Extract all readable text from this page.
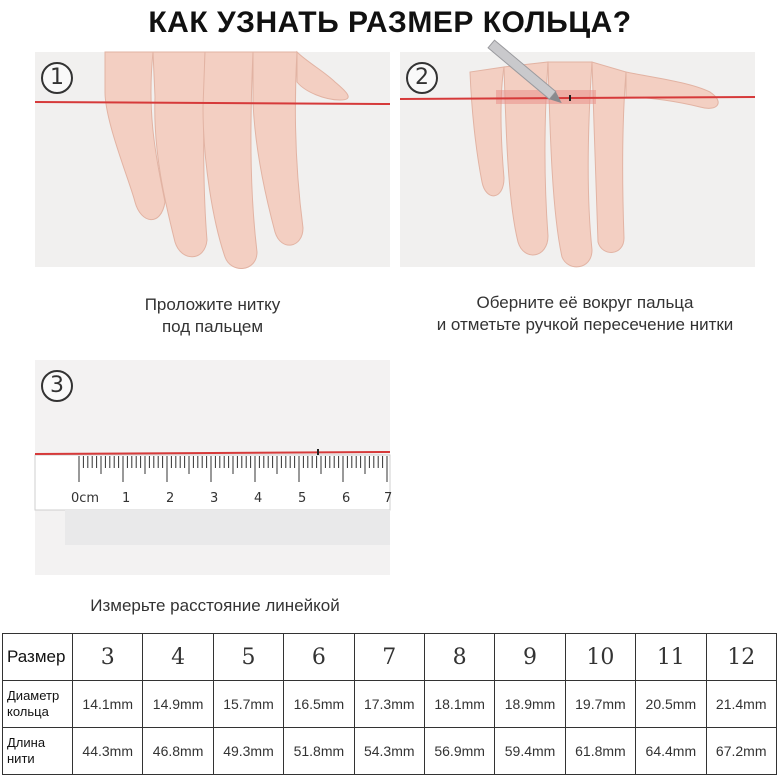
КАК УЗНАТЬ РАЗМЕР КОЛЬЦА?
1
Проложите нитку
под пальцем
2
Оберните её вокруг пальца
и отметьте ручкой пересечение нитки
3
0cm 1	2	3	4	5	6	7
Измерьте расстояние линейкой
Размер	3	4	5	6	7	8	9	10	11	12

Диаметр
кольца	14.1mm	14.9mm	15.7mm	16.5mm	17.3mm	18.1mm	18.9mm	19.7mm	20.5mm	21.4mm

Длина
нити	44.3mm	46.8mm	49.3mm	51.8mm	54.3mm	56.9mm	59.4mm	61.8mm	64.4mm	67.2mm
